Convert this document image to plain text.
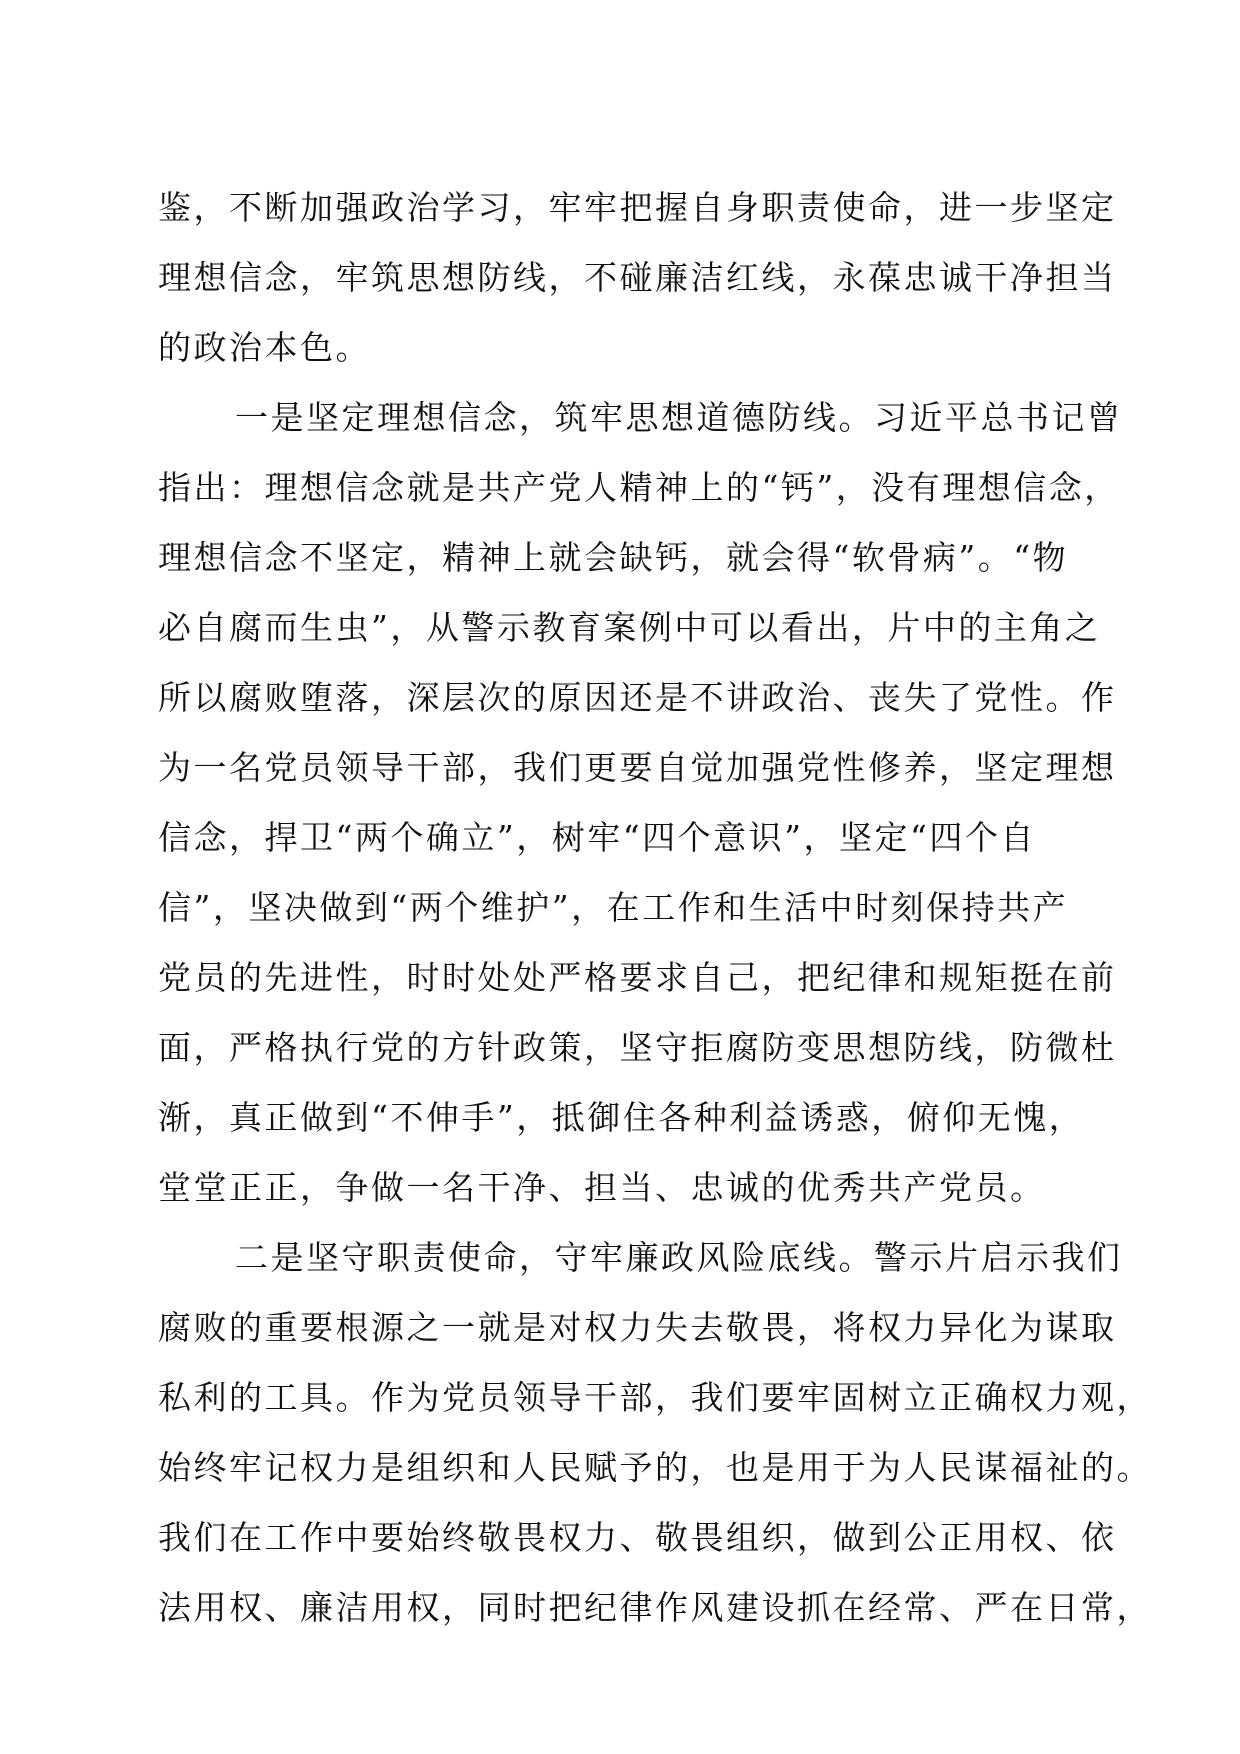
鉴，不断加强政治学习，牢牢把握自身职责使命，进一步坚定
理想信念，牢筑思想防线，不碰廉洁红线，永葆忠诚干净担当
的政治本色。
一是坚定理想信念，筑牢思想道德防线。习近平总书记曾
指出：理想信念就是共产党人精神上的“钙”，没有理想信念，
理想信念不坚定，精神上就会缺钙，就会得“软骨病”。“物
必自腐而生虫”，从警示教育案例中可以看出，片中的主角之
所以腐败堕落，深层次的原因还是不讲政治、丧失了党性。作
为一名党员领导干部，我们更要自觉加强党性修养，坚定理想
信念，捍卫“两个确立”，树牢“四个意识”，坚定“四个自
信”，坚决做到“两个维护”，在工作和生活中时刻保持共产
党员的先进性，时时处处严格要求自己，把纪律和规矩挺在前
面，严格执行党的方针政策，坚守拒腐防变思想防线，防微杜
渐，真正做到“不伸手”，抵御住各种利益诱惑，俯仰无愧，
堂堂正正，争做一名干净、担当、忠诚的优秀共产党员。
二是坚守职责使命，守牢廉政风险底线。警示片启示我们
腐败的重要根源之一就是对权力失去敬畏，将权力异化为谋取
私利的工具。作为党员领导干部，我们要牢固树立正确权力观，
始终牢记权力是组织和人民赋予的，也是用于为人民谋福祉的。
我们在工作中要始终敬畏权力、敬畏组织，做到公正用权、依
法用权、廉洁用权，同时把纪律作风建设抓在经常、严在日常，
